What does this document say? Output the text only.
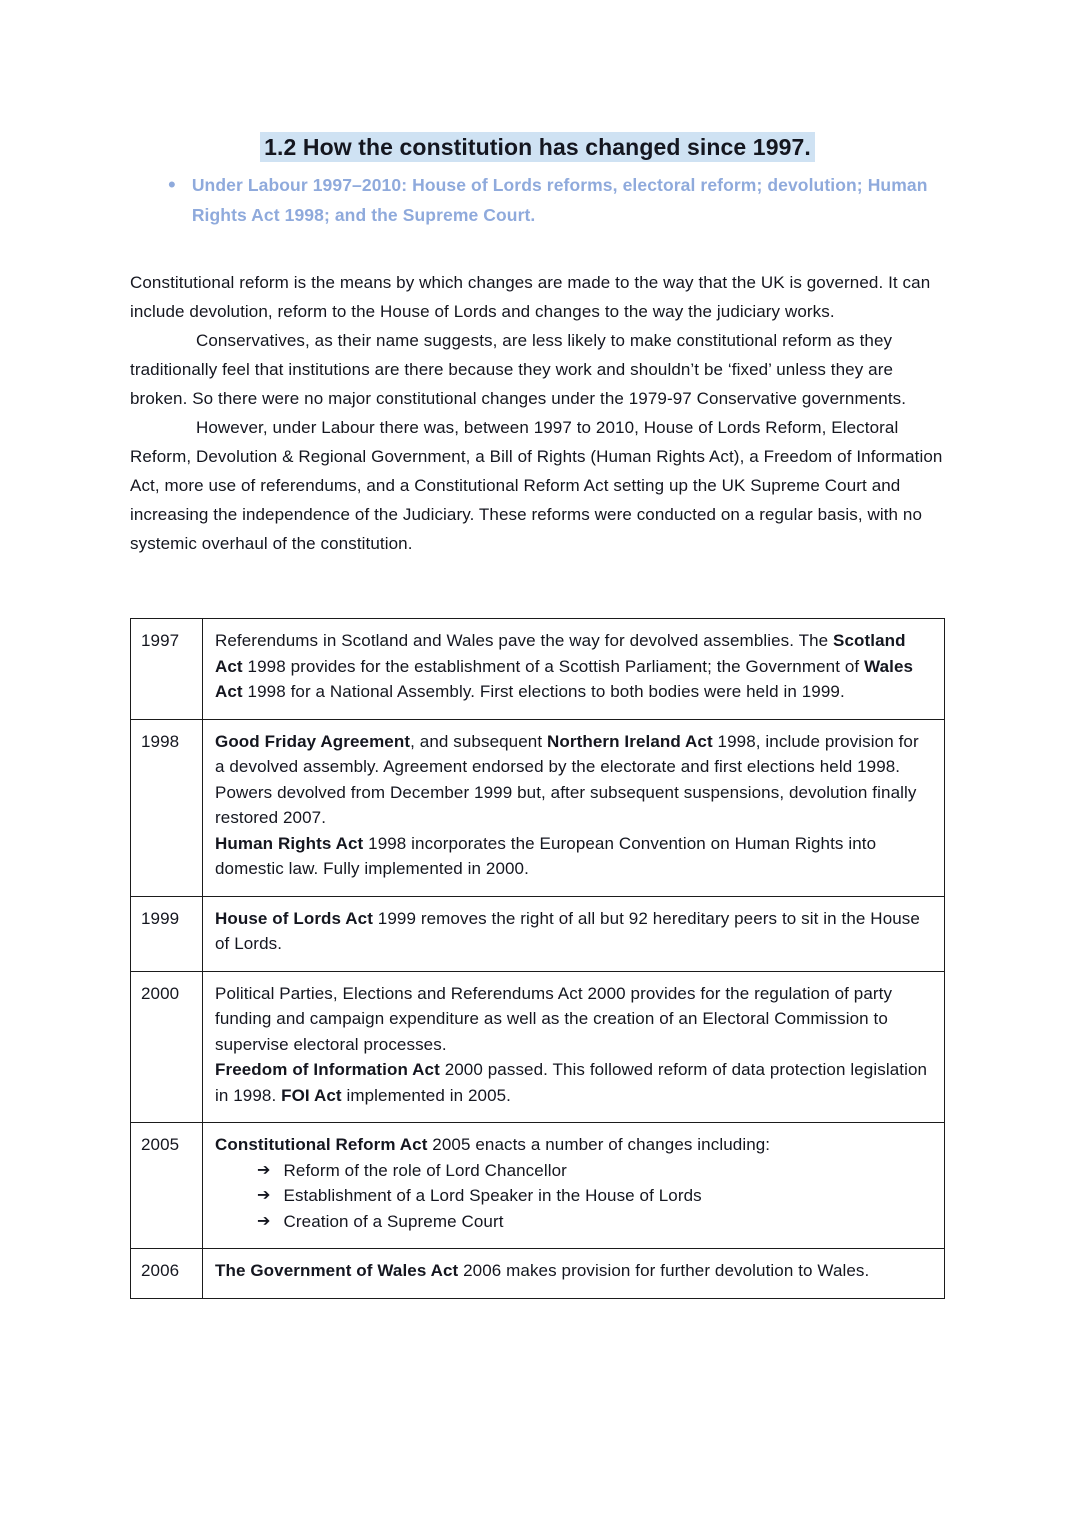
1.2 How the constitution has changed since 1997.
• Under Labour 1997–2010: House of Lords reforms, electoral reform; devolution; Human Rights Act 1998; and the Supreme Court.

Constitutional reform is the means by which changes are made to the way that the UK is governed. It can include devolution, reform to the House of Lords and changes to the way the judiciary works.

Conservatives, as their name suggests, are less likely to make constitutional reform as they traditionally feel that institutions are there because they work and shouldn’t be ‘fixed’ unless they are broken. So there were no major constitutional changes under the 1979-97 Conservative governments.

However, under Labour there was, between 1997 to 2010, House of Lords Reform, Electoral Reform, Devolution & Regional Government, a Bill of Rights (Human Rights Act), a Freedom of Information Act, more use of referendums, and a Constitutional Reform Act setting up the UK Supreme Court and increasing the independence of the Judiciary. These reforms were conducted on a regular basis, with no systemic overhaul of the constitution.

1997	Referendums in Scotland and Wales pave the way for devolved assemblies. The Scotland Act 1998 provides for the establishment of a Scottish Parliament; the Government of Wales Act 1998 for a National Assembly. First elections to both bodies were held in 1999.
1998	Good Friday Agreement, and subsequent Northern Ireland Act 1998, include provision for a devolved assembly. Agreement endorsed by the electorate and first elections held 1998. Powers devolved from December 1999 but, after subsequent suspensions, devolution finally restored 2007.
Human Rights Act 1998 incorporates the European Convention on Human Rights into domestic law. Fully implemented in 2000.
1999	House of Lords Act 1999 removes the right of all but 92 hereditary peers to sit in the House of Lords.
2000	Political Parties, Elections and Referendums Act 2000 provides for the regulation of party funding and campaign expenditure as well as the creation of an Electoral Commission to supervise electoral processes.
Freedom of Information Act 2000 passed. This followed reform of data protection legislation in 1998. FOI Act implemented in 2005.
2005	Constitutional Reform Act 2005 enacts a number of changes including:
➔ Reform of the role of Lord Chancellor
➔ Establishment of a Lord Speaker in the House of Lords
➔ Creation of a Supreme Court

2006	The Government of Wales Act 2006 makes provision for further devolution to Wales.
